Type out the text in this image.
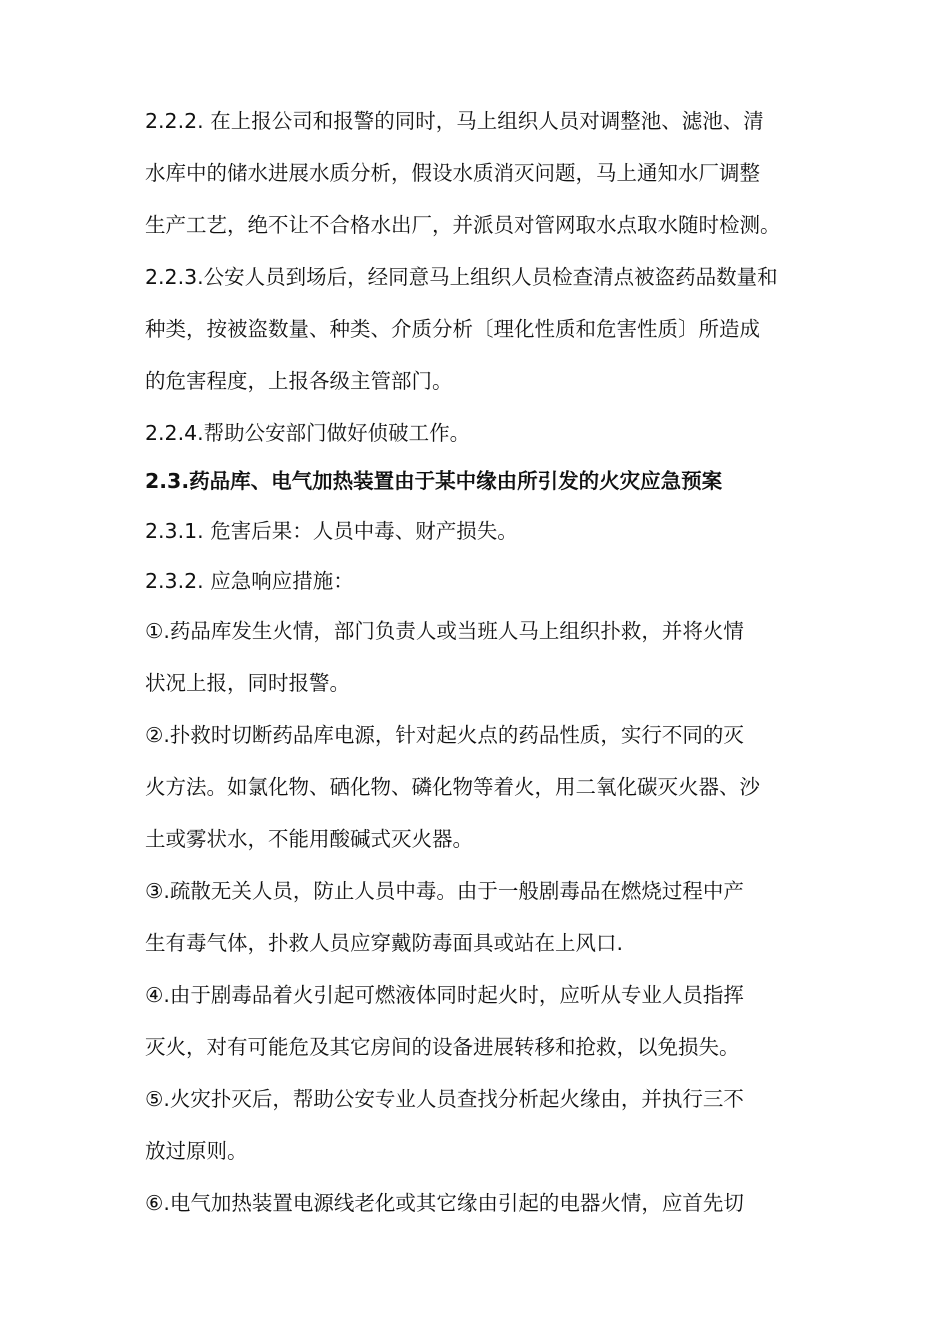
2.2.2. 在上报公司和报警的同时，马上组织人员对调整池、滤池、清
水库中的储水进展水质分析，假设水质消灭问题，马上通知水厂调整
生产工艺，绝不让不合格水出厂，并派员对管网取水点取水随时检测。
2.2.3.公安人员到场后，经同意马上组织人员检查清点被盗药品数量和
种类，按被盗数量、种类、介质分析〔理化性质和危害性质〕所造成
的危害程度，上报各级主管部门。
2.2.4.帮助公安部门做好侦破工作。
2.3.药品库、电气加热装置由于某中缘由所引发的火灾应急预案
2.3.1. 危害后果：人员中毒、财产损失。
2.3.2. 应急响应措施：
①.药品库发生火情，部门负责人或当班人马上组织扑救，并将火情
状况上报，同时报警。
②.扑救时切断药品库电源，针对起火点的药品性质，实行不同的灭
火方法。如氯化物、硒化物、磷化物等着火，用二氧化碳灭火器、沙
土或雾状水，不能用酸碱式灭火器。
③.疏散无关人员，防止人员中毒。由于一般剧毒品在燃烧过程中产
生有毒气体，扑救人员应穿戴防毒面具或站在上风口.
④.由于剧毒品着火引起可燃液体同时起火时，应听从专业人员指挥
灭火，对有可能危及其它房间的设备进展转移和抢救，以免损失。
⑤.火灾扑灭后，帮助公安专业人员查找分析起火缘由，并执行三不
放过原则。
⑥.电气加热装置电源线老化或其它缘由引起的电器火情，应首先切
